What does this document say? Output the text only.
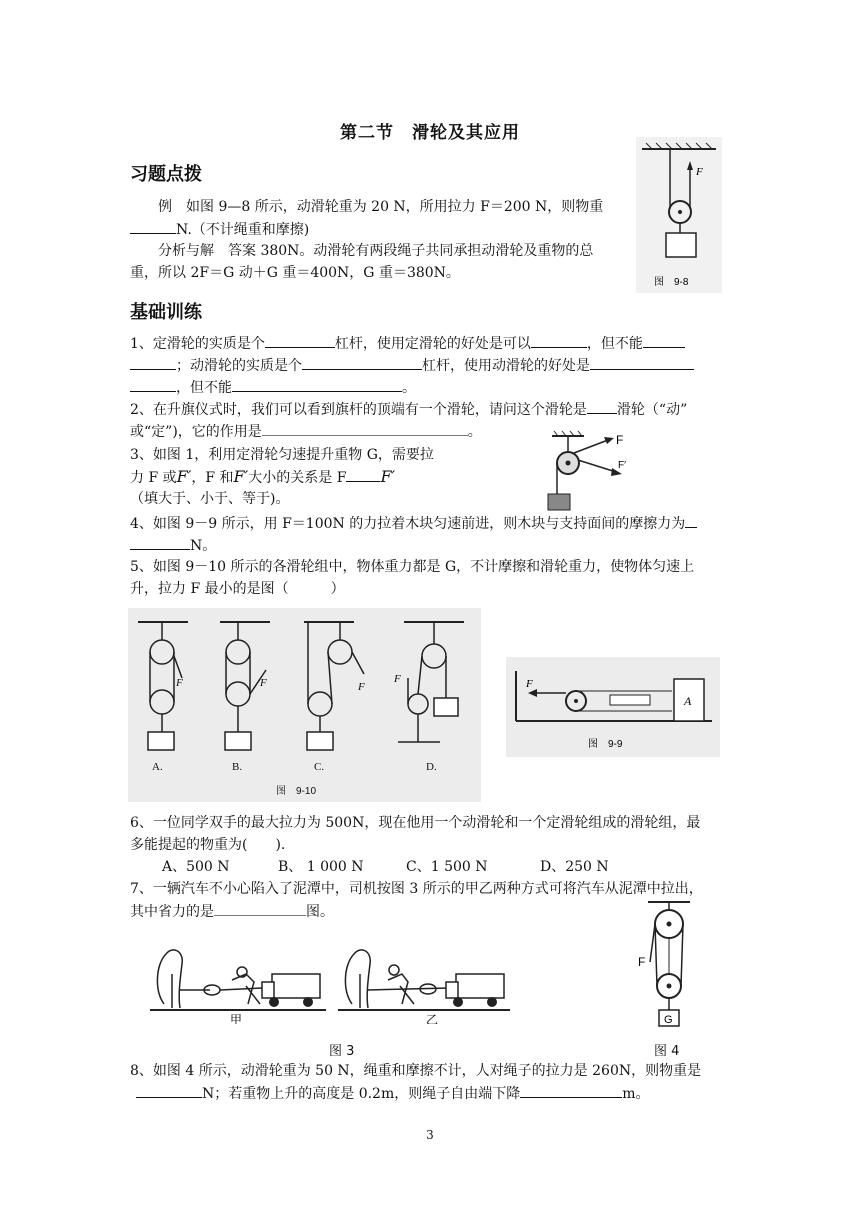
第二节　滑轮及其应用
习题点拨
例　如图 9—8 所示，动滑轮重为 20 N，所用拉力 F＝200 N，则物重
N.（不计绳重和摩擦)
分析与解　答案 380N。动滑轮有两段绳子共同承担动滑轮及重物的总
重，所以 2F＝G 动＋G 重＝400N，G 重＝380N。
F
图　9-8
基础训练
1、定滑轮的实质是个	杠杆，使用定滑轮的好处是可以	，但不能
；动滑轮的实质是个	杠杆，使用动滑轮的好处是
，但不能	。
2、在升旗仪式时，我们可以看到旗杆的顶端有一个滑轮，请问这个滑轮是 滑轮（“动”
或“定”)，它的作用是	。
3、如图 1，利用定滑轮匀速提升重物 G，需要拉
力 F 或F′，F 和F′大小的关系是 F F′
（填大于、小于、等于)。
F
F′
4、如图 9－9 所示，用 F＝100N 的力拉着木块匀速前进，则木块与支持面间的摩擦力为
N。
5、如图 9－10 所示的各滑轮组中，物体重力都是 G，不计摩擦和滑轮重力，使物体匀速上
升，拉力 F 最小的是图（　　　）
F	F	F
F
A.	B.	C.	D.
图　9-10
F
A
图　9-9
6、一位同学双手的最大拉力为 500N，现在他用一个动滑轮和一个定滑轮组成的滑轮组，最
多能提起的物重为(　　).
A、500 N	B、 1 000 N	C、1 500 N	D、250 N
7、一辆汽车不小心陷入了泥潭中，司机按图 3 所示的甲乙两种方式可将汽车从泥潭中拉出，
其中省力的是	图。
甲	乙
图 3
F
G
图 4
8、如图 4 所示，动滑轮重为 50 N，绳重和摩擦不计，人对绳子的拉力是 260N，则物重是
N；若重物上升的高度是 0.2m，则绳子自由端下降	m。
3
